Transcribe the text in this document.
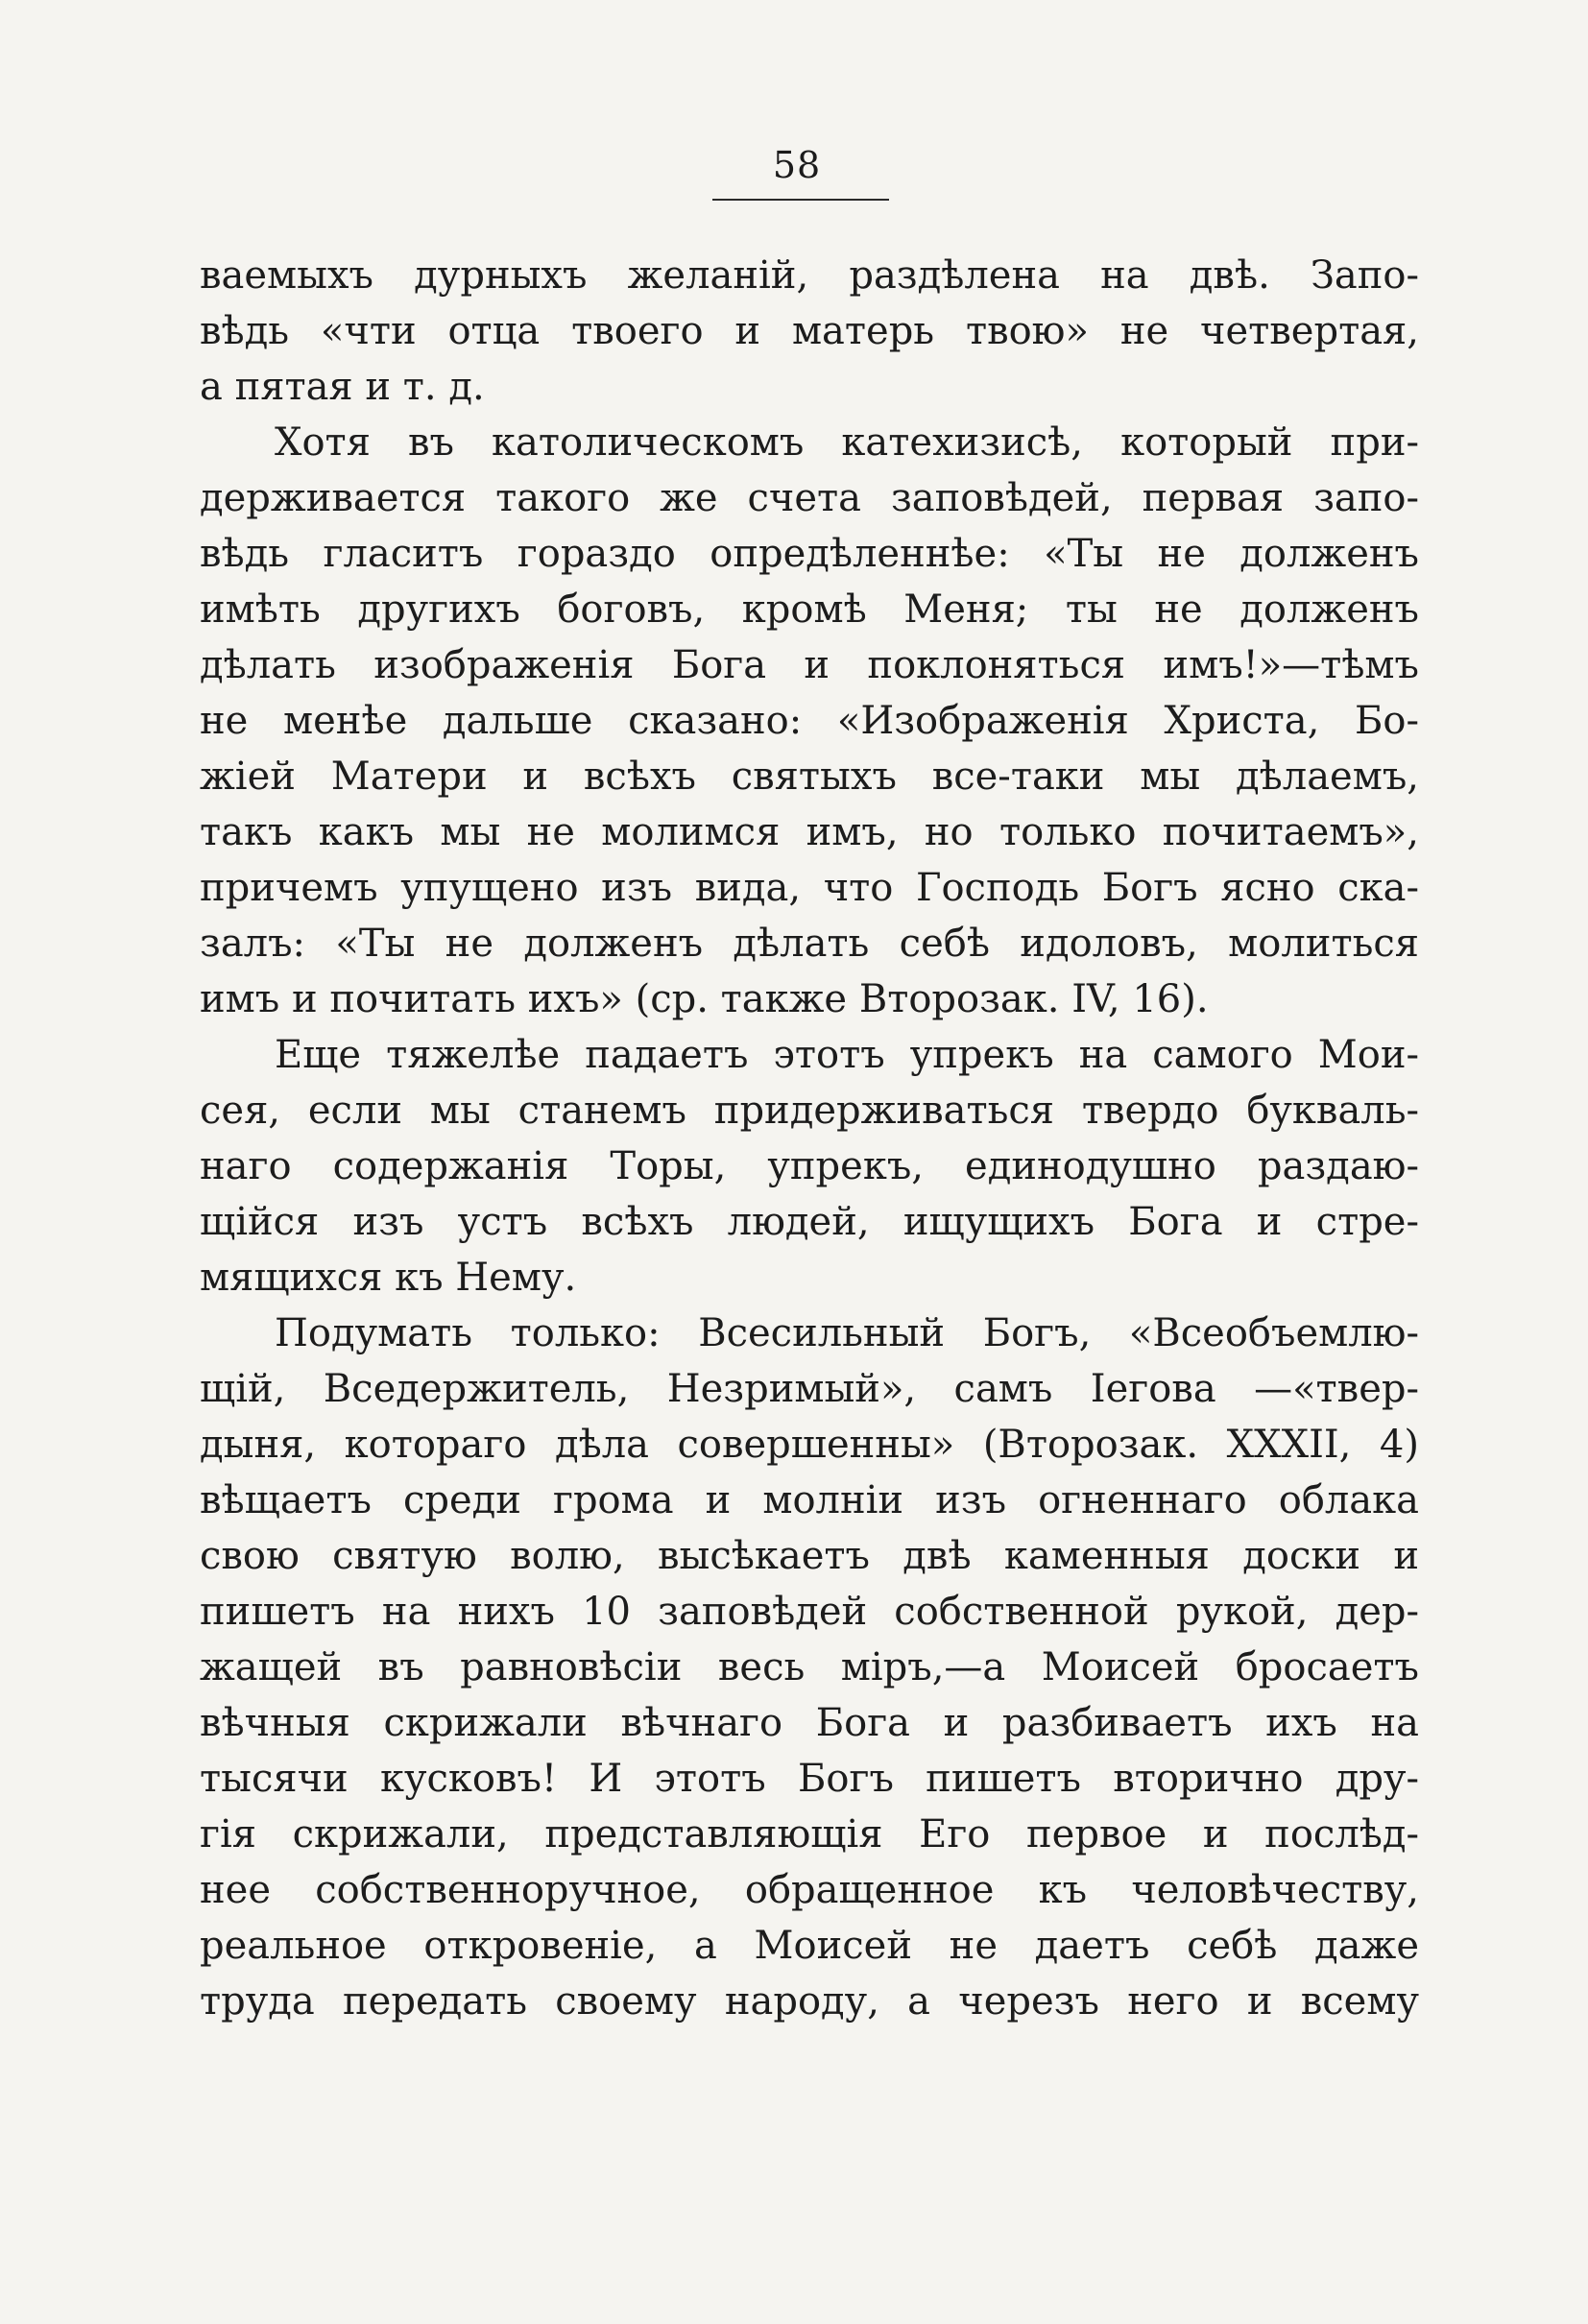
58
ваемыхъ дурныхъ желаній, раздѣлена на двѣ. Запо-
вѣдь «чти отца твоего и матерь твою» не четвертая,
а пятая и т. д.
Хотя въ католическомъ катехизисѣ, который при-
держивается такого же счета заповѣдей, первая запо-
вѣдь гласитъ гораздо опредѣленнѣе: «Ты не долженъ
имѣть другихъ боговъ, кромѣ Меня; ты не долженъ
дѣлать изображенія Бога и поклоняться имъ!»—тѣмъ
не менѣе дальше сказано: «Изображенія Христа, Бо-
жіей Матери и всѣхъ святыхъ все-таки мы дѣлаемъ,
такъ какъ мы не молимся имъ, но только почитаемъ»,
причемъ упущено изъ вида, что Господь Богъ ясно ска-
залъ: «Ты не долженъ дѣлать себѣ идоловъ, молиться
имъ и почитать ихъ» (ср. также Второзак. IV, 16).
Еще тяжелѣе падаетъ этотъ упрекъ на самого Мои-
сея, если мы станемъ придерживаться твердо букваль-
наго содержанія Торы, упрекъ, единодушно раздаю-
щійся изъ устъ всѣхъ людей, ищущихъ Бога и стре-
мящихся къ Нему.
Подумать только: Всесильный Богъ, «Всеобъемлю-
щій, Вседержитель, Незримый», самъ Іегова —«твер-
дыня, котораго дѣла совершенны» (Второзак. XXXII, 4)
вѣщаетъ среди грома и молніи изъ огненнаго облака
свою святую волю, высѣкаетъ двѣ каменныя доски и
пишетъ на нихъ 10 заповѣдей собственной рукой, дер-
жащей въ равновѣсіи весь міръ,—а Моисей бросаетъ
вѣчныя скрижали вѣчнаго Бога и разбиваетъ ихъ на
тысячи кусковъ! И этотъ Богъ пишетъ вторично дру-
гія скрижали, представляющія Его первое и послѣд-
нее собственноручное, обращенное къ человѣчеству,
реальное откровеніе, а Моисей не даетъ себѣ даже
труда передать своему народу, а черезъ него и всему
